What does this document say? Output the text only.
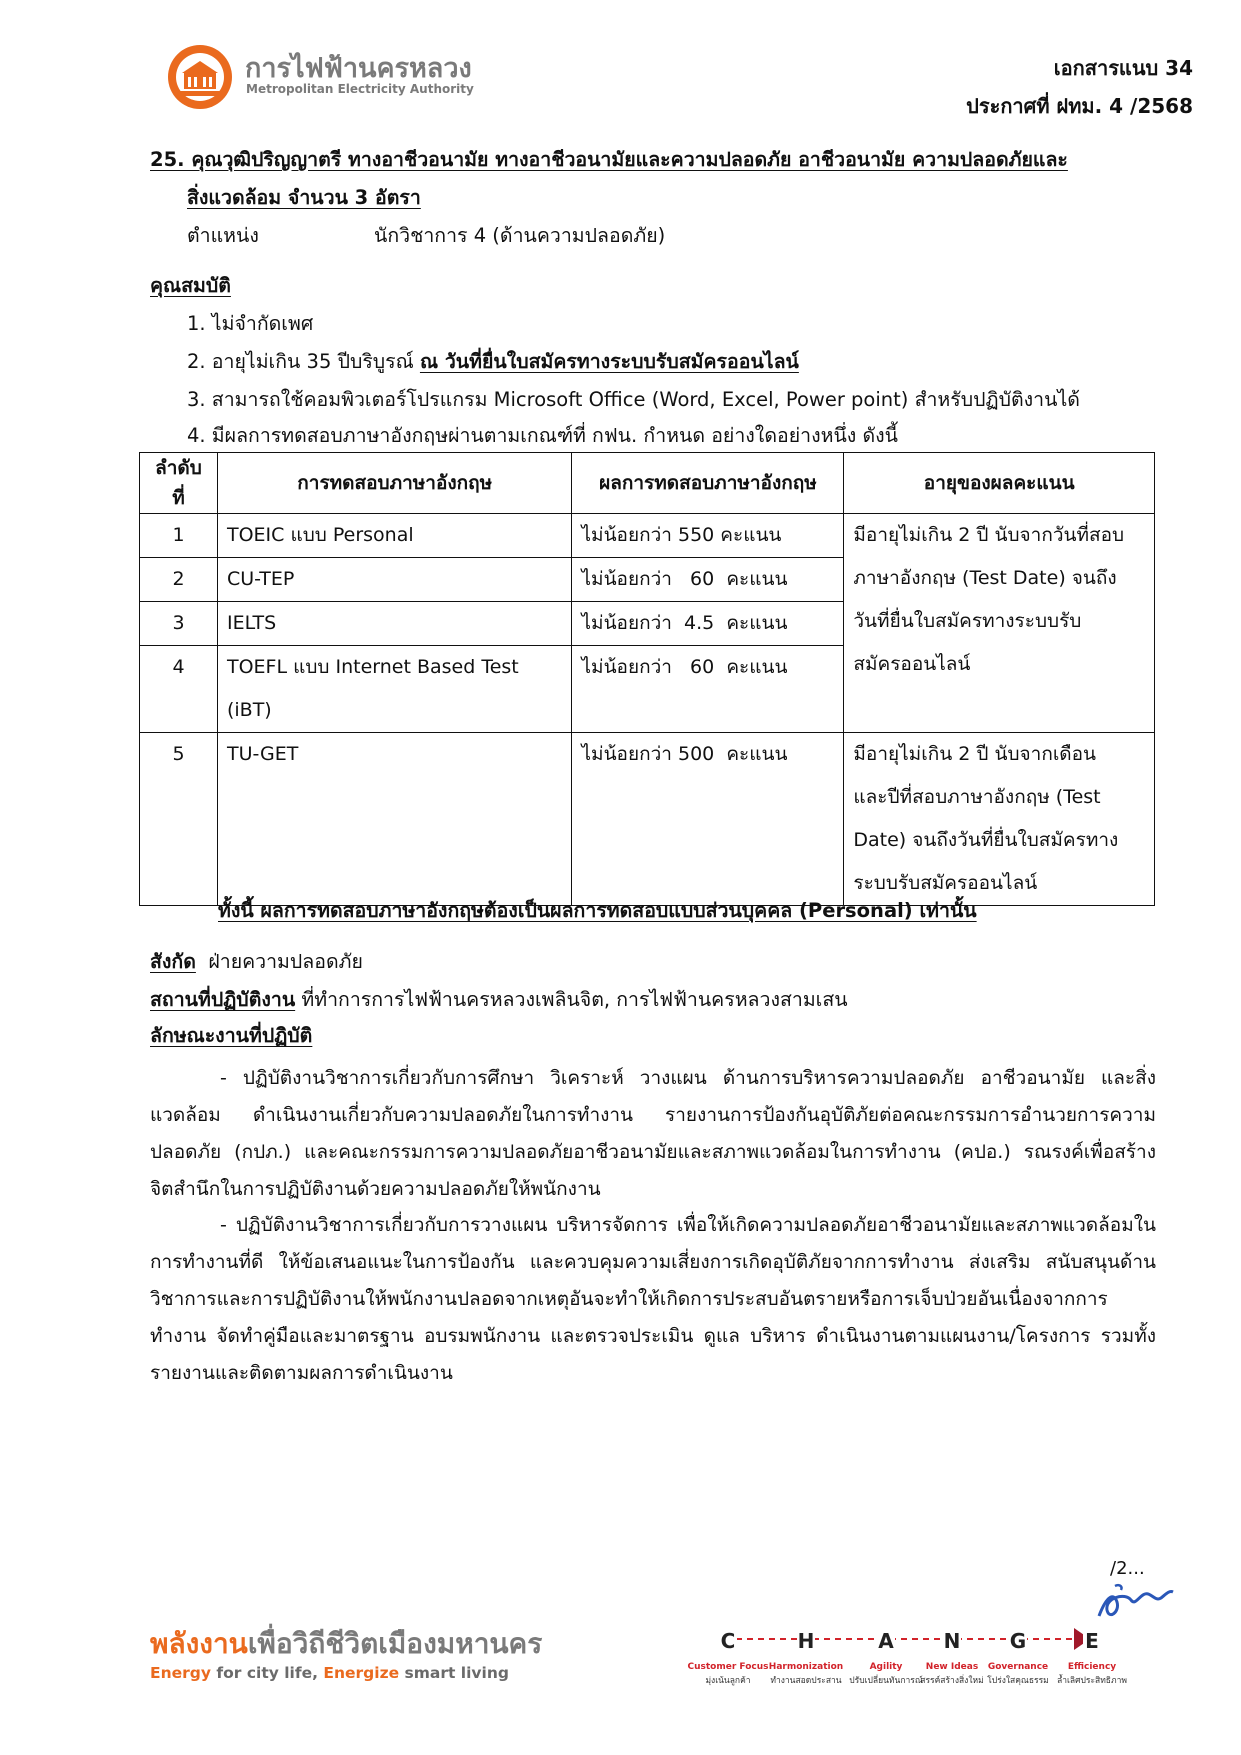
การไฟฟ้านครหลวง
Metropolitan Electricity Authority
เอกสารแนบ 34
ประกาศที่ ฝทม. 4 /2568
25. คุณวุฒิปริญญาตรี ทางอาชีวอนามัย ทางอาชีวอนามัยและความปลอดภัย อาชีวอนามัย ความปลอดภัยและ
สิ่งแวดล้อม จำนวน 3 อัตรา
ตำแหน่ง	นักวิชาการ 4 (ด้านความปลอดภัย)
คุณสมบัติ
1. ไม่จำกัดเพศ
2. อายุไม่เกิน 35 ปีบริบูรณ์ ณ วันที่ยื่นใบสมัครทางระบบรับสมัครออนไลน์
3. สามารถใช้คอมพิวเตอร์โปรแกรม Microsoft Office (Word, Excel, Power point) สำหรับปฏิบัติงานได้
4. มีผลการทดสอบภาษาอังกฤษผ่านตามเกณฑ์ที่ กฟน. กำหนด อย่างใดอย่างหนึ่ง ดังนี้
ลำดับที่	การทดสอบภาษาอังกฤษ	ผลการทดสอบภาษาอังกฤษ	อายุของผลคะแนน
1	TOEIC แบบ Personal	ไม่น้อยกว่า 550 คะแนน	มีอายุไม่เกิน 2 ปี นับจากวันที่สอบ
ภาษาอังกฤษ (Test Date) จนถึง
วันที่ยื่นใบสมัครทางระบบรับ
สมัครออนไลน์

2	CU-TEP	ไม่น้อยกว่า   60  คะแนน	
3	IELTS	ไม่น้อยกว่า  4.5  คะแนน	
4	TOEFL แบบ Internet Based Test
(iBT)	ไม่น้อยกว่า   60  คะแนน	
5	TU-GET	ไม่น้อยกว่า 500  คะแนน	มีอายุไม่เกิน 2 ปี นับจากเดือน
และปีที่สอบภาษาอังกฤษ (Test
Date) จนถึงวันที่ยื่นใบสมัครทาง
ระบบรับสมัครออนไลน์
ทั้งนี้ ผลการทดสอบภาษาอังกฤษต้องเป็นผลการทดสอบแบบส่วนบุคคล (Personal) เท่านั้น
สังกัด ฝ่ายความปลอดภัย
สถานที่ปฏิบัติงาน ที่ทำการการไฟฟ้านครหลวงเพลินจิต, การไฟฟ้านครหลวงสามเสน
ลักษณะงานที่ปฏิบัติ

- ปฏิบัติงานวิชาการเกี่ยวกับการศึกษา วิเคราะห์ วางแผน ด้านการบริหารความปลอดภัย อาชีวอนามัย และสิ่งแวดล้อม ดำเนินงานเกี่ยวกับความปลอดภัยในการทำงาน รายงานการป้องกันอุบัติภัยต่อคณะกรรมการอำนวยการความปลอดภัย (กปภ.) และคณะกรรมการความปลอดภัยอาชีวอนามัยและสภาพแวดล้อมในการทำงาน (คปอ.) รณรงค์เพื่อสร้างจิตสำนึกในการปฏิบัติงานด้วยความปลอดภัยให้พนักงาน

- ปฏิบัติงานวิชาการเกี่ยวกับการวางแผน บริหารจัดการ เพื่อให้เกิดความปลอดภัยอาชีวอนามัยและสภาพแวดล้อมในการทำงานที่ดี ให้ข้อเสนอแนะในการป้องกัน และควบคุมความเสี่ยงการเกิดอุบัติภัยจากการทำงาน ส่งเสริม สนับสนุนด้านวิชาการและการปฏิบัติงานให้พนักงานปลอดจากเหตุอันจะทำให้เกิดการประสบอันตรายหรือการเจ็บป่วยอันเนื่องจากการทำงาน จัดทำคู่มือและมาตรฐาน อบรมพนักงาน และตรวจประเมิน ดูแล บริหาร ดำเนินงานตามแผนงาน/โครงการ รวมทั้ง รายงานและติดตามผลการดำเนินงาน

/2...
พลังงานเพื่อวิถีชีวิตเมืองมหานคร
Energy for city life, Energize smart living
C
Customer Focus
มุ่งเน้นลูกค้า
H
Harmonization
ทำงานสอดประสาน
A
Agility
ปรับเปลี่ยนทันการณ์
N
New Ideas
สรรค์สร้างสิ่งใหม่
G
Governance
โปร่งใสคุณธรรม
E
Efficiency
ล้ำเลิศประสิทธิภาพ
